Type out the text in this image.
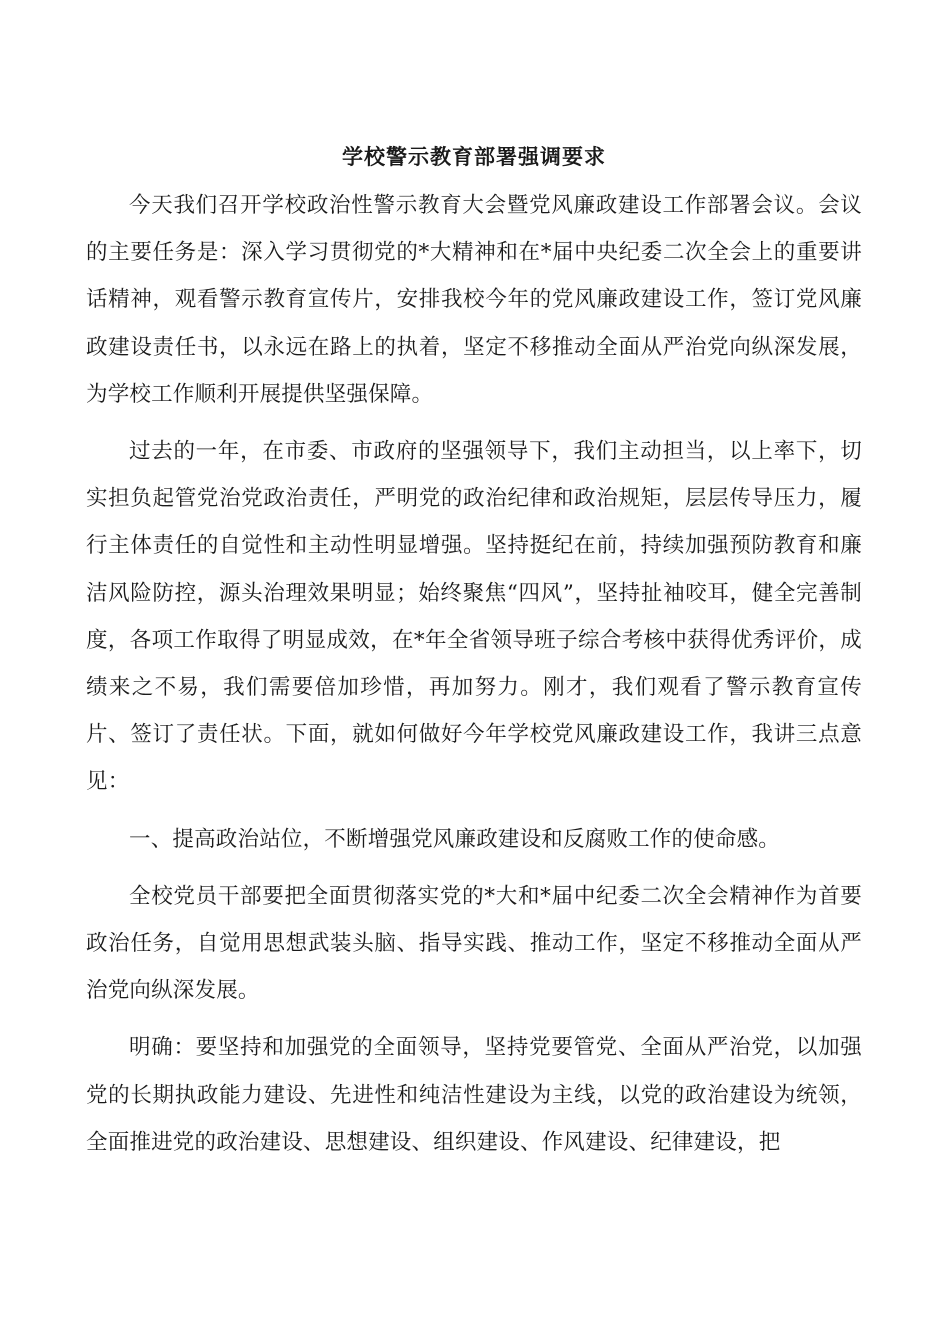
学校警示教育部署强调要求

今天我们召开学校政治性警示教育大会暨党风廉政建设工作部署会议。会议的主要任务是：深入学习贯彻党的*大精神和在*届中央纪委二次全会上的重要讲话精神，观看警示教育宣传片，安排我校今年的党风廉政建设工作，签订党风廉政建设责任书，以永远在路上的执着，坚定不移推动全面从严治党向纵深发展，为学校工作顺利开展提供坚强保障。

过去的一年，在市委、市政府的坚强领导下，我们主动担当，以上率下，切实担负起管党治党政治责任，严明党的政治纪律和政治规矩，层层传导压力，履行主体责任的自觉性和主动性明显增强。坚持挺纪在前，持续加强预防教育和廉洁风险防控，源头治理效果明显；始终聚焦“四风”，坚持扯袖咬耳，健全完善制度，各项工作取得了明显成效，在*年全省领导班子综合考核中获得优秀评价，成绩来之不易，我们需要倍加珍惜，再加努力。刚才，我们观看了警示教育宣传片、签订了责任状。下面，就如何做好今年学校党风廉政建设工作，我讲三点意见：

一、提高政治站位，不断增强党风廉政建设和反腐败工作的使命感。

全校党员干部要把全面贯彻落实党的*大和*届中纪委二次全会精神作为首要政治任务，自觉用思想武装头脑、指导实践、推动工作，坚定不移推动全面从严治党向纵深发展。

明确：要坚持和加强党的全面领导，坚持党要管党、全面从严治党，以加强党的长期执政能力建设、先进性和纯洁性建设为主线，以党的政治建设为统领，全面推进党的政治建设、思想建设、组织建设、作风建设、纪律建设，把
